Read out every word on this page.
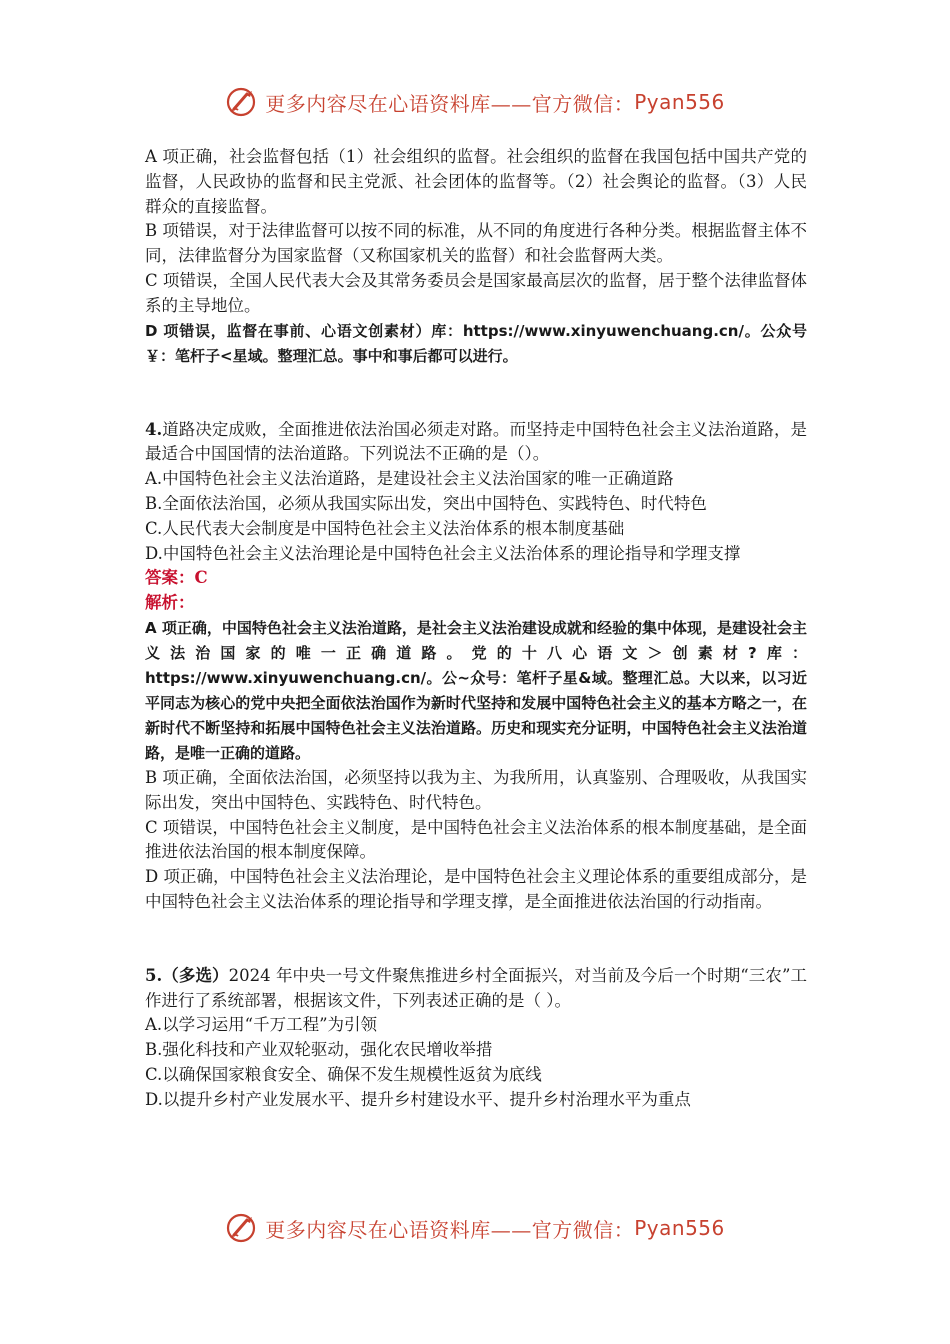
更多内容尽在心语资料库——官方微信： Pyan556

A 项正确，社会监督包括（1）社会组织的监督。社会组织的监督在我国包括中国共产党的监督，人民政协的监督和民主党派、社会团体的监督等。（2）社会舆论的监督。（3）人民群众的直接监督。

B 项错误，对于法律监督可以按不同的标准，从不同的角度进行各种分类。根据监督主体不同，法律监督分为国家监督（又称国家机关的监督）和社会监督两大类。

C 项错误，全国人民代表大会及其常务委员会是国家最高层次的监督，居于整个法律监督体系的主导地位。

D 项错误，监督在事前、心语文创素材）库：https://www.xinyuwenchuang.cn/。公众号￥：笔杆子<星域。整理汇总。事中和事后都可以进行。

4.道路决定成败，全面推进依法治国必须走对路。而坚持走中国特色社会主义法治道路，是最适合中国国情的法治道路。下列说法不正确的是（）。

A.中国特色社会主义法治道路，是建设社会主义法治国家的唯一正确道路

B.全面依法治国，必须从我国实际出发，突出中国特色、实践特色、时代特色

C.人民代表大会制度是中国特色社会主义法治体系的根本制度基础

D.中国特色社会主义法治理论是中国特色社会主义法治体系的理论指导和学理支撑

答案：C

解析：

A 项正确，中国特色社会主义法治道路，是社会主义法治建设成就和经验的集中体现，是建设社会主义法治国家的唯一正确道路。党的十八心语文＞创素材?库：https://www.xinyuwenchuang.cn/。公~众号：笔杆子星&域。整理汇总。大以来，以习近平同志为核心的党中央把全面依法治国作为新时代坚持和发展中国特色社会主义的基本方略之一，在新时代不断坚持和拓展中国特色社会主义法治道路。历史和现实充分证明，中国特色社会主义法治道路，是唯一正确的道路。

B 项正确，全面依法治国，必须坚持以我为主、为我所用，认真鉴别、合理吸收，从我国实际出发，突出中国特色、实践特色、时代特色。

C 项错误，中国特色社会主义制度，是中国特色社会主义法治体系的根本制度基础，是全面推进依法治国的根本制度保障。

D 项正确，中国特色社会主义法治理论，是中国特色社会主义理论体系的重要组成部分，是中国特色社会主义法治体系的理论指导和学理支撑，是全面推进依法治国的行动指南。

5.（多选）2024 年中央一号文件聚焦推进乡村全面振兴，对当前及今后一个时期“三农”工作进行了系统部署，根据该文件，下列表述正确的是（ ）。

A.以学习运用“千万工程”为引领

B.强化科技和产业双轮驱动，强化农民增收举措

C.以确保国家粮食安全、确保不发生规模性返贫为底线

D.以提升乡村产业发展水平、提升乡村建设水平、提升乡村治理水平为重点

更多内容尽在心语资料库——官方微信： Pyan556
